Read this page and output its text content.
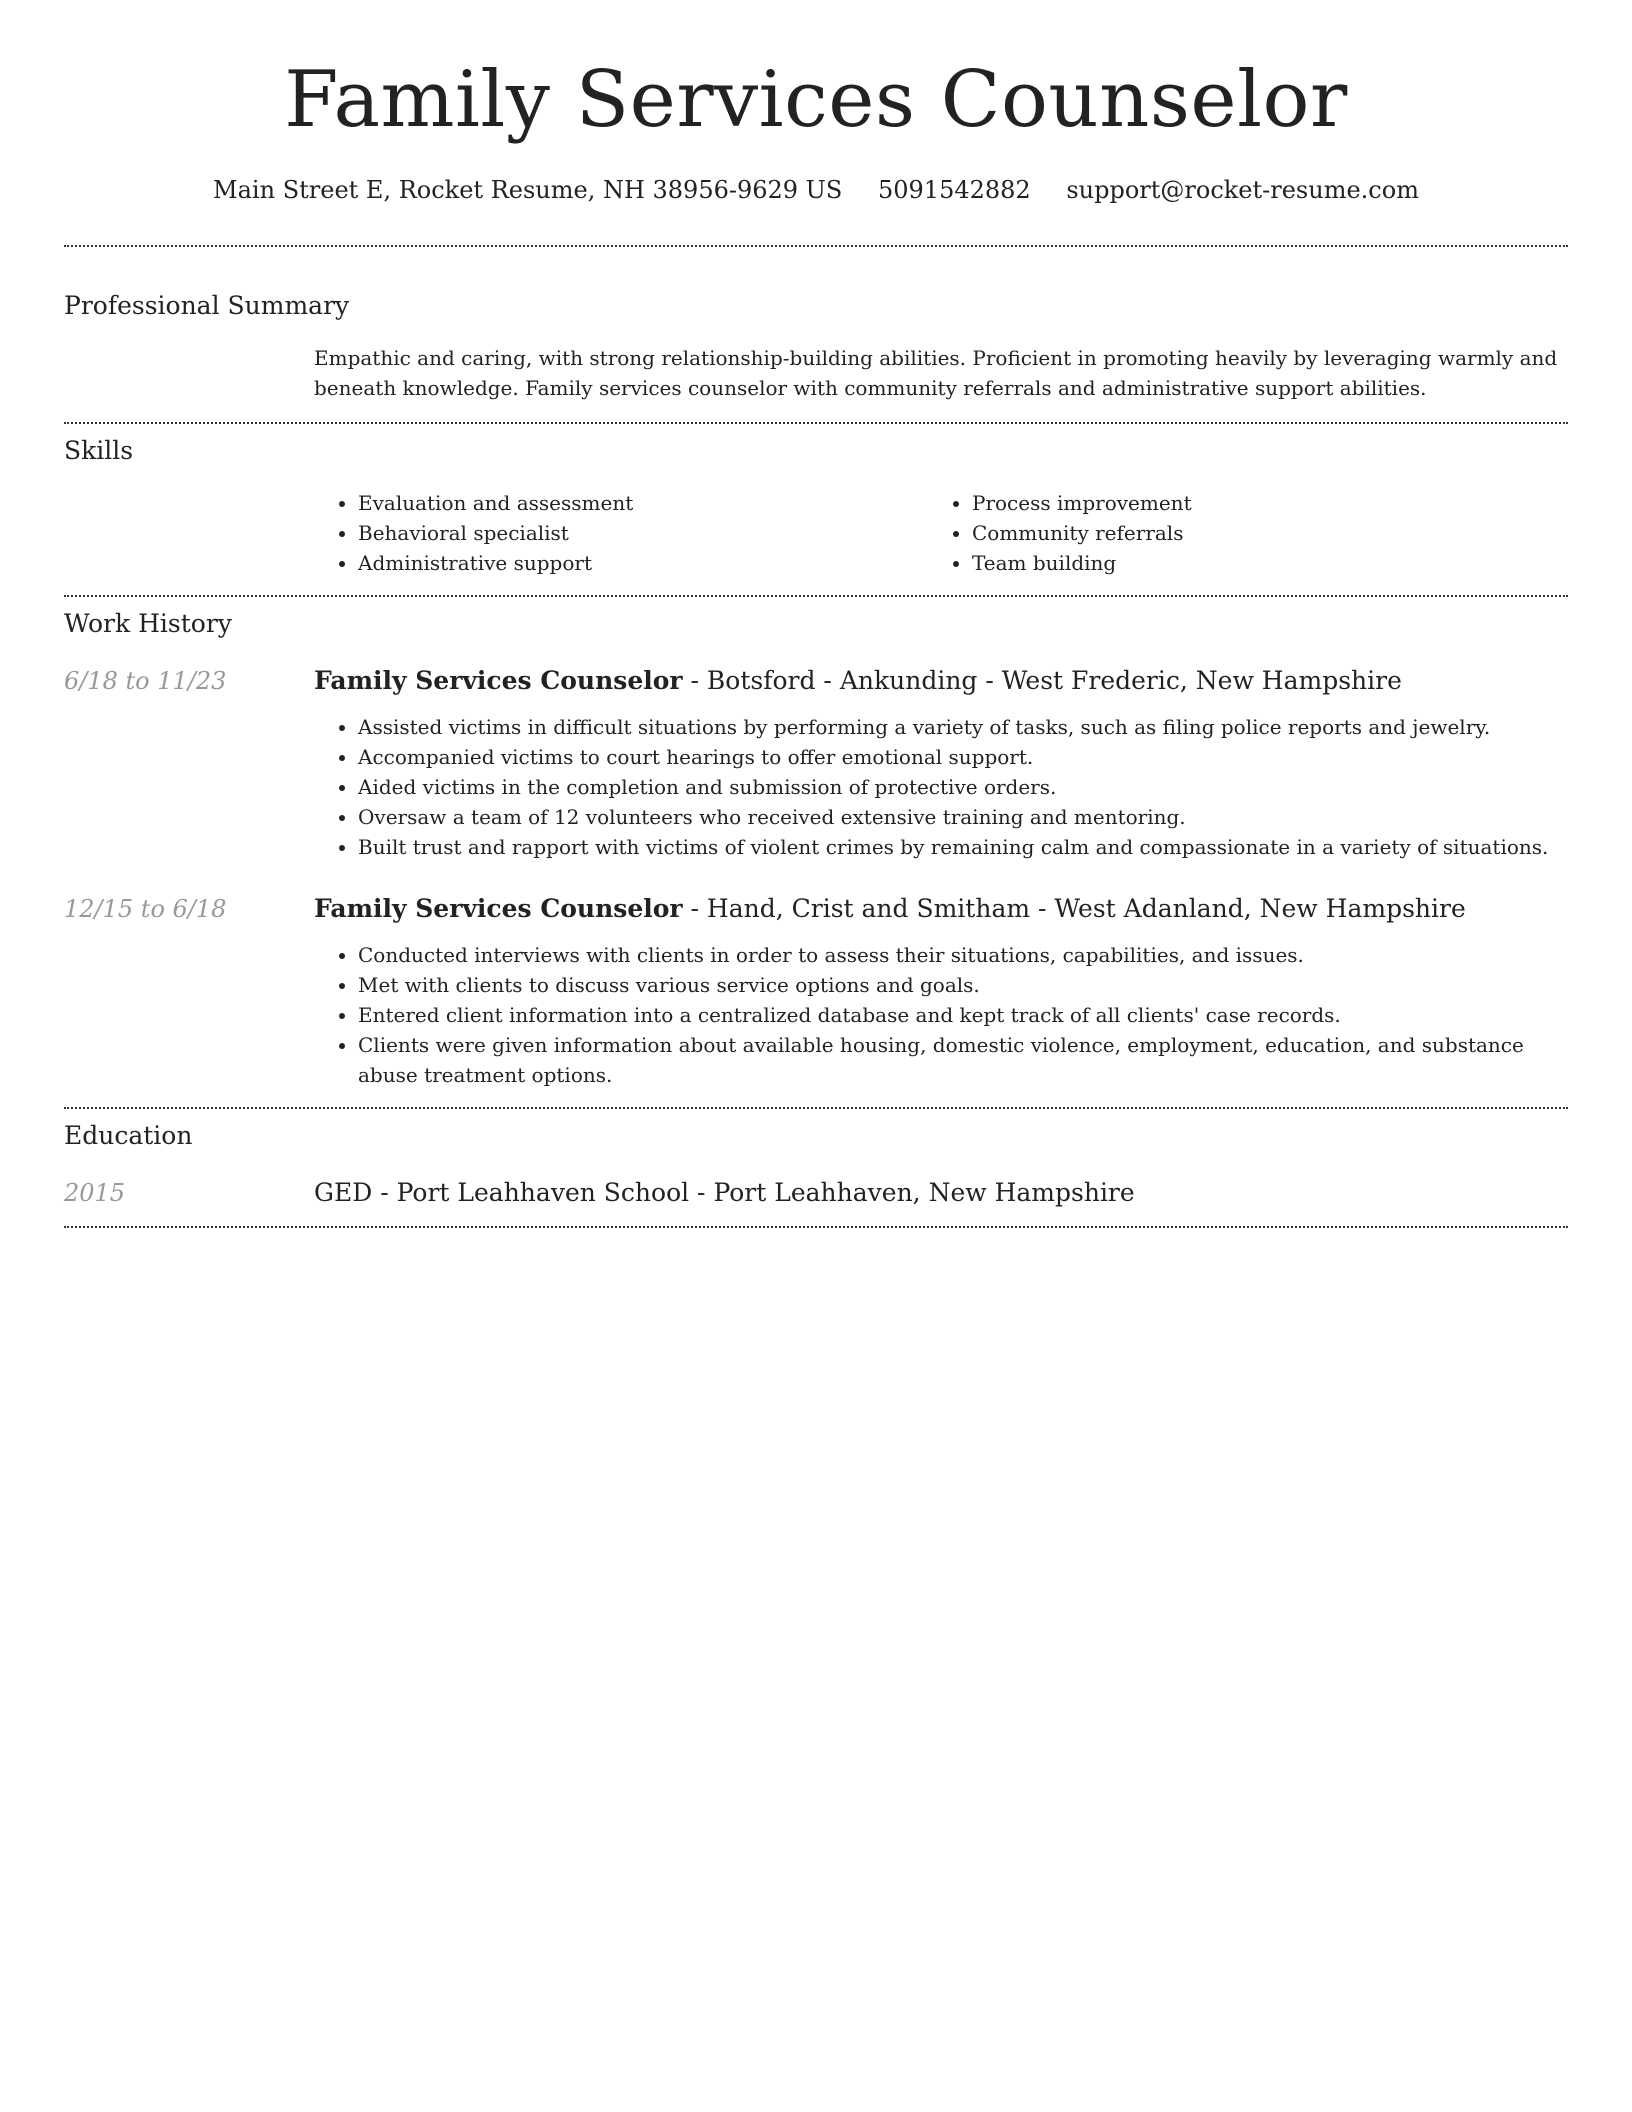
Family Services Counselor
Main Street E, Rocket Resume, NH 38956-9629 US 5091542882 support@rocket-resume.com
Professional Summary

Empathic and caring, with strong relationship-building abilities. Proficient in promoting heavily by leveraging warmly and beneath knowledge. Family services counselor with community referrals and administrative support abilities.

Skills
• Evaluation and assessment
• Behavioral specialist
• Administrative support
• Process improvement
• Community referrals
• Team building
Work History
6/18 to 11/23	Family Services Counselor - Botsford - Ankunding - West Frederic, New Hampshire
• Assisted victims in difficult situations by performing a variety of tasks, such as filing police reports and jewelry.
• Accompanied victims to court hearings to offer emotional support.
• Aided victims in the completion and submission of protective orders.
• Oversaw a team of 12 volunteers who received extensive training and mentoring.
• Built trust and rapport with victims of violent crimes by remaining calm and compassionate in a variety of situations.
12/15 to 6/18	Family Services Counselor - Hand, Crist and Smitham - West Adanland, New Hampshire
• Conducted interviews with clients in order to assess their situations, capabilities, and issues.
• Met with clients to discuss various service options and goals.
• Entered client information into a centralized database and kept track of all clients' case records.
• Clients were given information about available housing, domestic violence, employment, education, and substance abuse treatment options.
Education
2015	GED - Port Leahhaven School - Port Leahhaven, New Hampshire
